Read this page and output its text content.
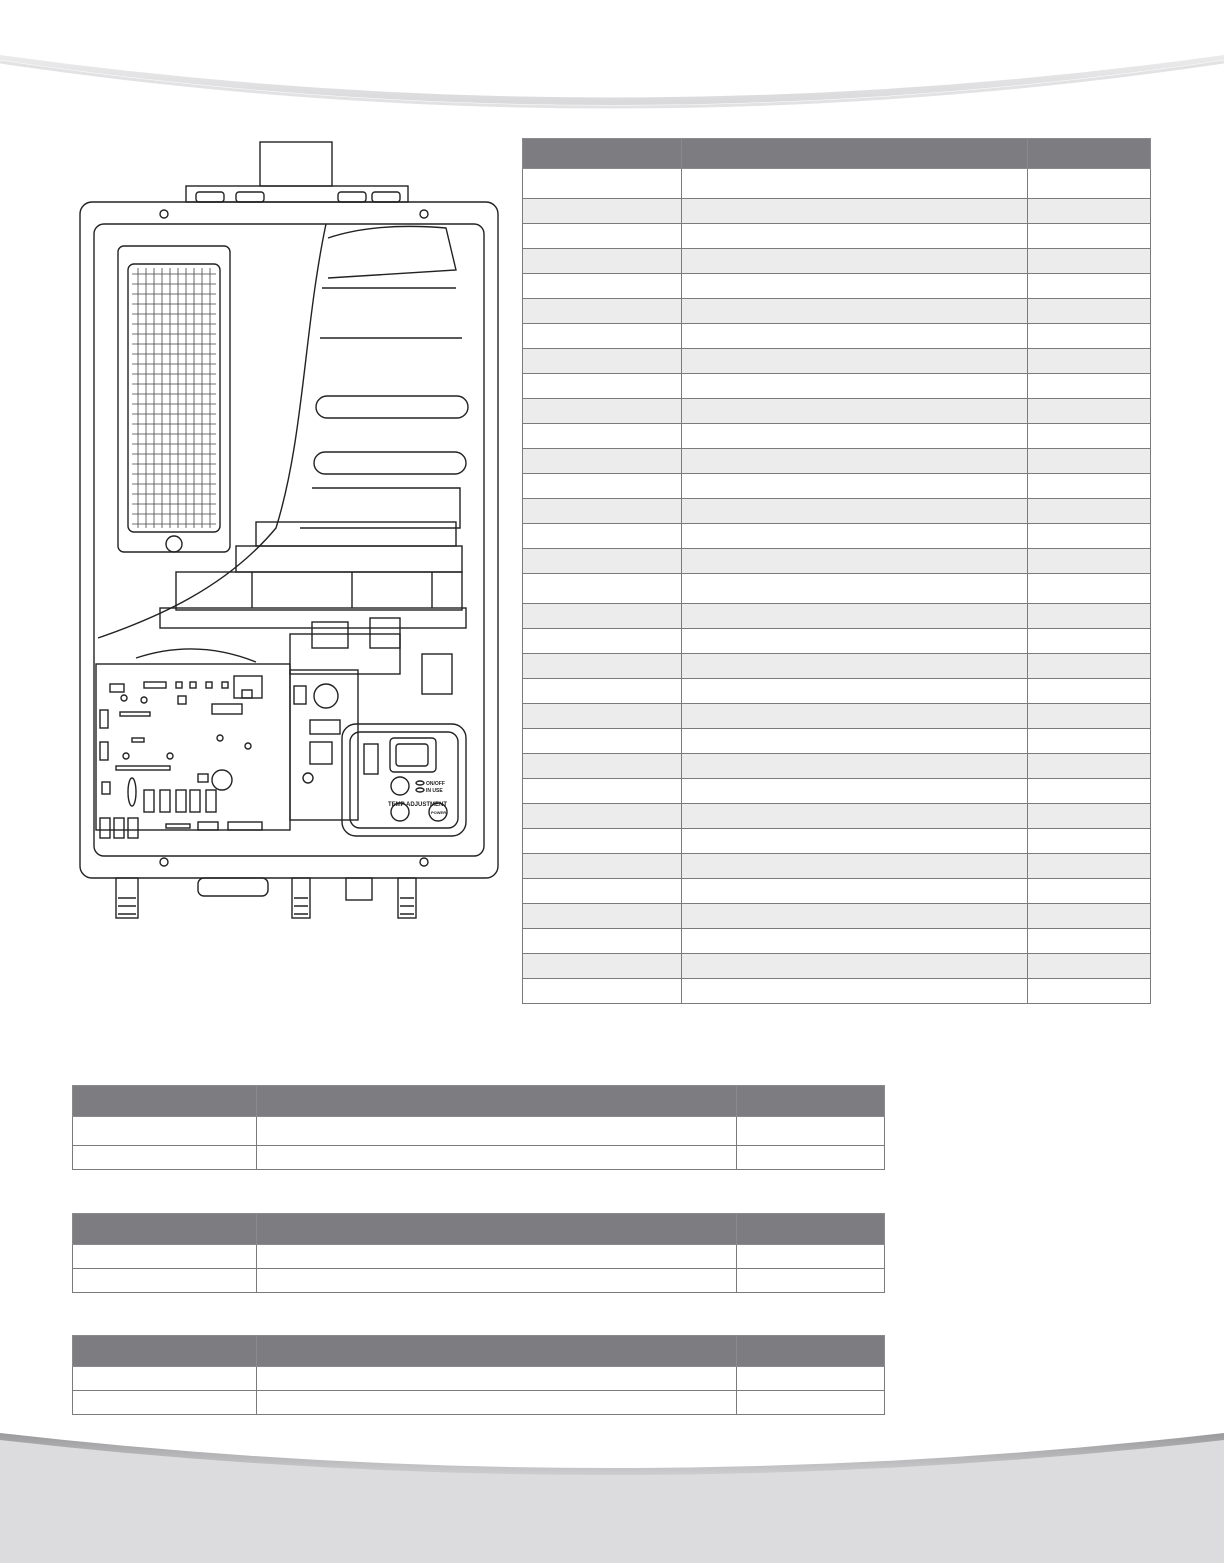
TEMP ADJUSTMENT
ON/OFF
IN USE
POWER
